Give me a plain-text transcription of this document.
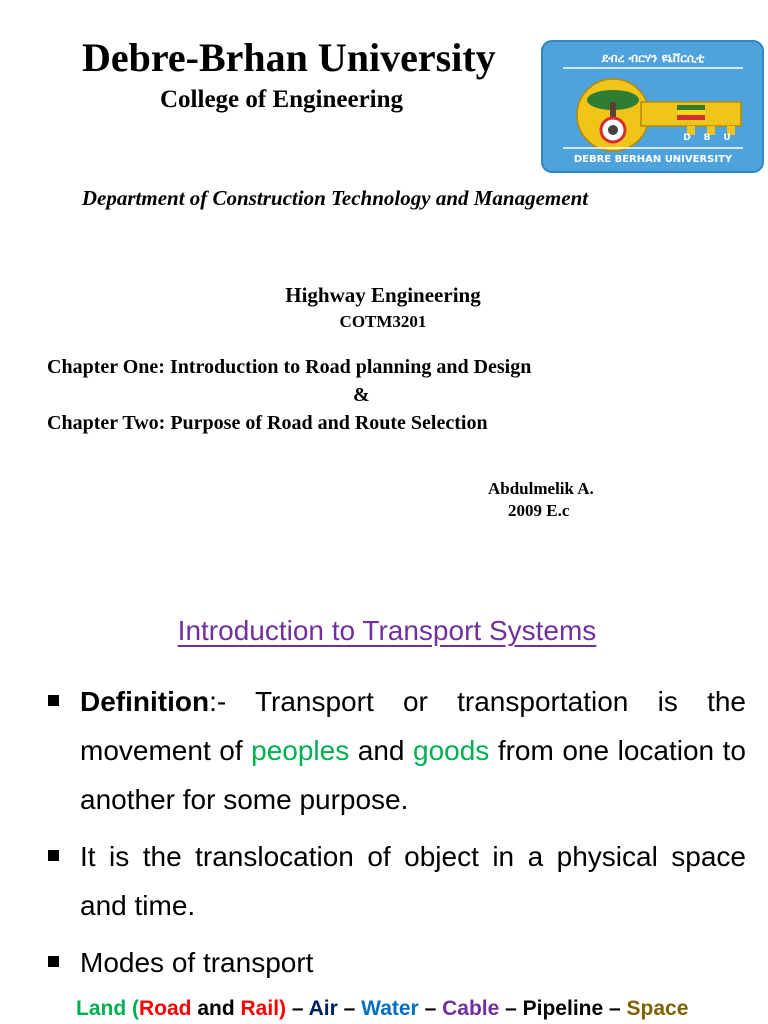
Debre-Brhan University
College of Engineering
ደብረ ብርሃን ዩኒቨርሲቲ
D B U
DEBRE BERHAN UNIVERSITY
Department of Construction Technology and Management
Highway Engineering
COTM3201
Chapter One: Introduction to Road planning and Design
&
Chapter Two: Purpose of Road and Route Selection
Abdulmelik A.
2009 E.c
Introduction to Transport Systems
Definition:- Transport or transportation is the movement of peoples and goods from one location to another for some purpose.
It is the translocation of object in a physical space and time.
Modes of transport
Land (Road and Rail) – Air – Water – Cable – Pipeline – Space
